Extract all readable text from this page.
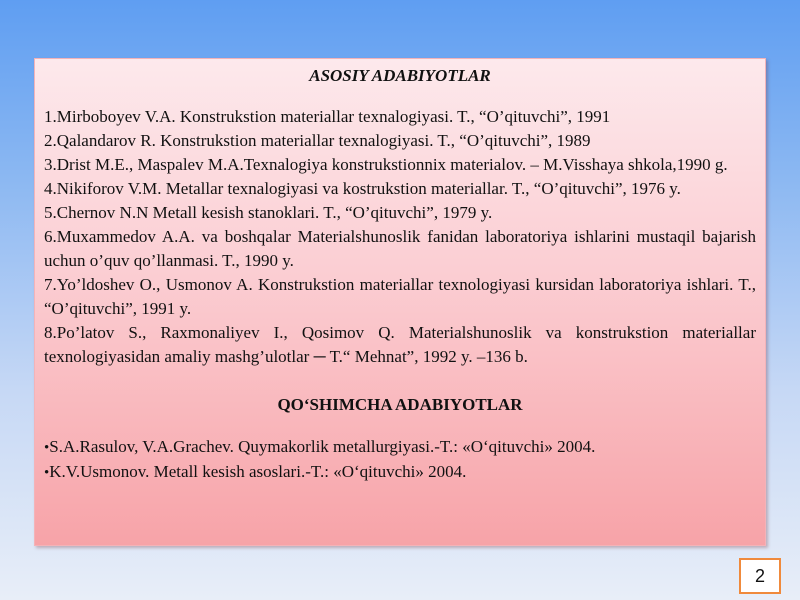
ASOSIY ADABIYOTLAR
1.Mirboboyev V.A. Konstrukstion materiallar texnalogiyasi. T., “O’qituvchi”, 1991
2.Qalandarov R. Konstrukstion materiallar texnalogiyasi. T., “O’qituvchi”, 1989
3.Drist M.E., Maspalev M.A.Texnalogiya konstrukstionnix materialov. – M.Visshaya shkola,1990 g.
4.Nikiforov V.M. Metallar texnalogiyasi va kostrukstion materiallar. T., “O’qituvchi”, 1976 y.
5.Chernov N.N Metall kesish stanoklari. T., “O’qituvchi”, 1979 y.
6.Muxammedov A.A. va boshqalar Materialshunoslik fanidan laboratoriya ishlarini mustaqil bajarish uchun o’quv qo’llanmasi. T., 1990 y.
7.Yo’ldoshev O., Usmonov A. Konstrukstion materiallar texnologiyasi kursidan laboratoriya ishlari. T., “O’qituvchi”, 1991 y.
8.Po’latov S., Raxmonaliyev I., Qosimov Q. Materialshunoslik va konstrukstion materiallar texnologiyasidan amaliy mashg’ulotlar ─ T.“ Mehnat”, 1992 y. –136 b.
QO‘SHIMCHA ADABIYOTLAR
•S.A.Rasulov, V.A.Grachev. Quymakorlik metallurgiyasi.-T.: «O‘qituvchi» 2004.
•K.V.Usmonov. Metall kesish asoslari.-T.: «O‘qituvchi» 2004.
2
